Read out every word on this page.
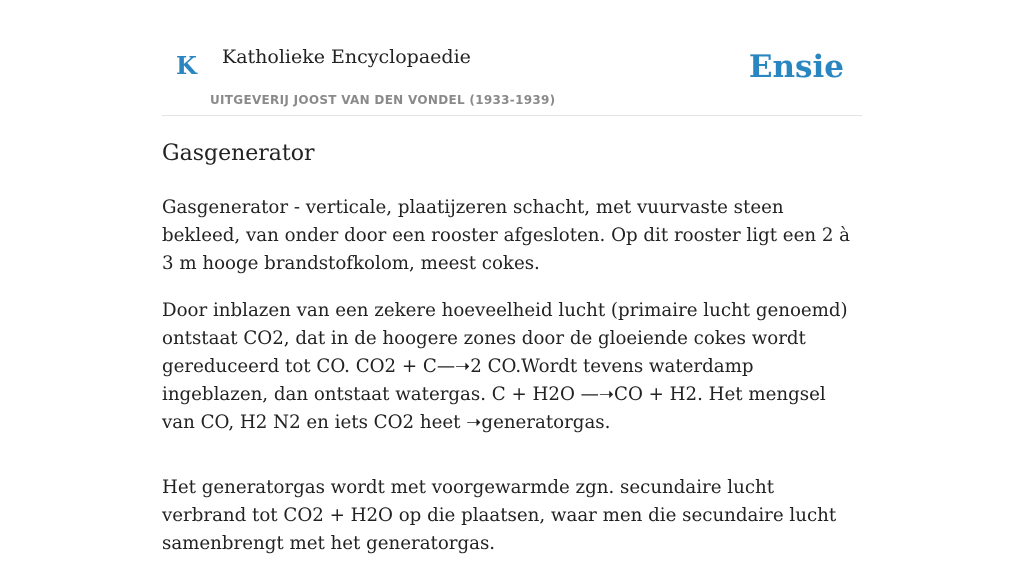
K Katholieke Encyclopaedie
UITGEVERIJ JOOST VAN DEN VONDEL (1933-1939)
Ensie
Gasgenerator

Gasgenerator - verticale, plaatijzeren schacht, met vuurvaste steen bekleed, van onder door een rooster afgesloten. Op dit rooster ligt een 2 à 3 m hooge brandstofkolom, meest cokes.

Door inblazen van een zekere hoeveelheid lucht (primaire lucht genoemd) ontstaat CO2, dat in de hoogere zones door de gloeiende cokes wordt gereduceerd tot CO. CO2 + C—➝2 CO.Wordt tevens waterdamp ingeblazen, dan ontstaat watergas. C + H2O —➝CO + H2. Het mengsel van CO, H2 N2 en iets CO2 heet ➝generatorgas.

Het generatorgas wordt met voorgewarmde zgn. secundaire lucht verbrand tot CO2 + H2O op die plaatsen, waar men die secundaire lucht samenbrengt met het generatorgas.
